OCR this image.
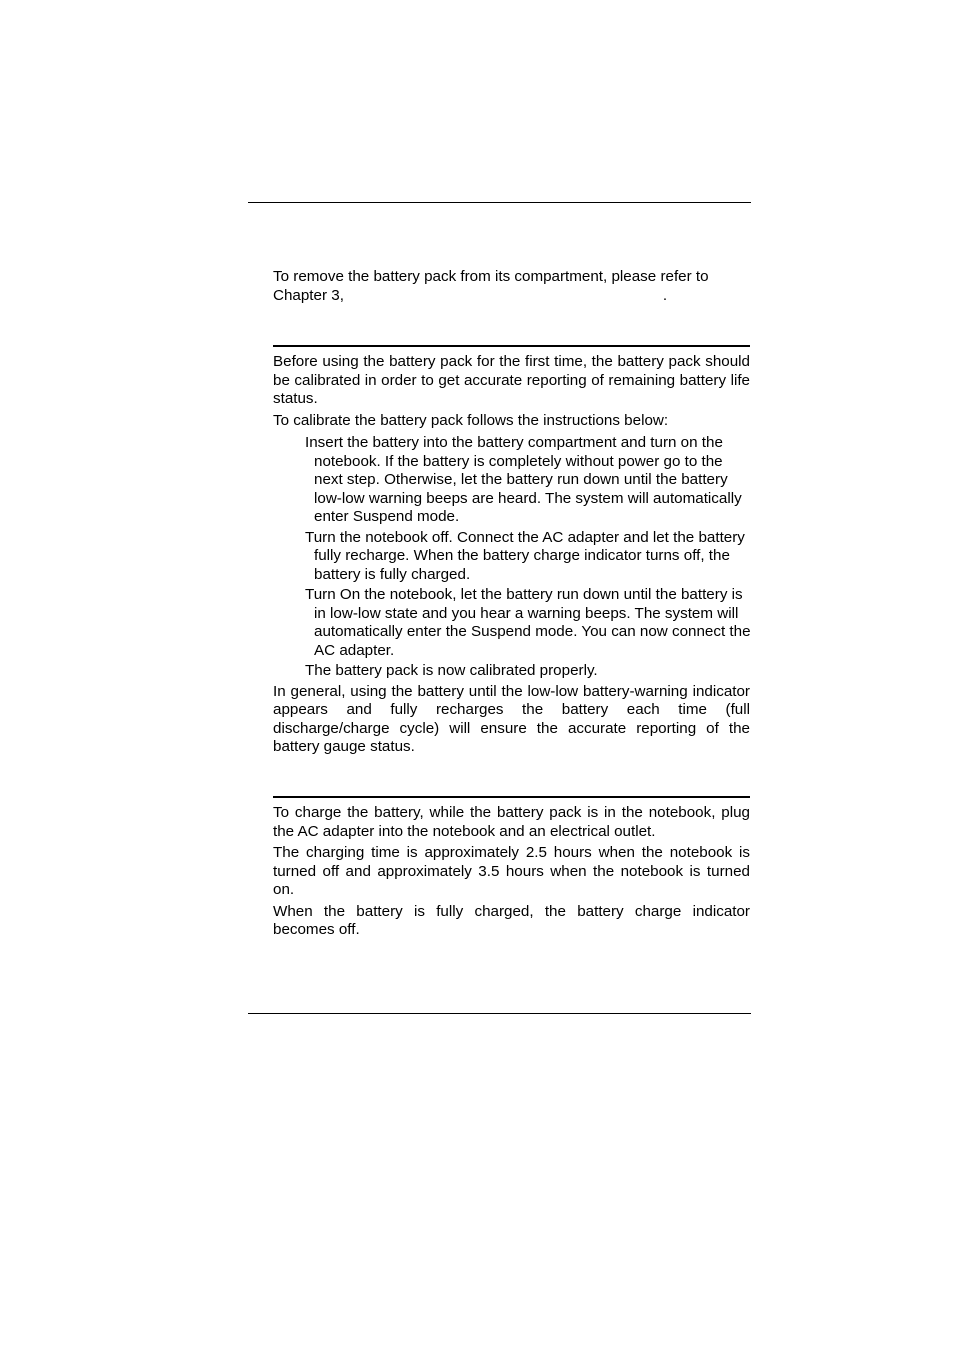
To remove the battery pack from its compartment, please refer to

Chapter 3,	.

Before using the battery pack for the first time, the battery pack should be calibrated in order to get accurate reporting of remaining battery life status.

To calibrate the battery pack follows the instructions below:

Insert the battery into the battery compartment and turn on the notebook. If the battery is completely without power go to the next step. Otherwise, let the battery run down until the battery low-low warning beeps are heard. The system will automatically enter Suspend mode.
Turn the notebook off. Connect the AC adapter and let the battery fully recharge. When the battery charge indicator turns off, the battery is fully charged.
Turn On the notebook, let the battery run down until the battery is in low-low state and you hear a warning beeps. The system will automatically enter the Suspend mode. You can now connect the AC adapter.
The battery pack is now calibrated properly.

In general, using the battery until the low-low battery-warning indicator appears and fully recharges the battery each time (full discharge/charge cycle) will ensure the accurate reporting of the battery gauge status.

To charge the battery, while the battery pack is in the notebook, plug the AC adapter into the notebook and an electrical outlet.

The charging time is approximately 2.5 hours when the notebook is turned off and approximately 3.5 hours when the notebook is turned on.

When the battery is fully charged, the battery charge indicator becomes off.
